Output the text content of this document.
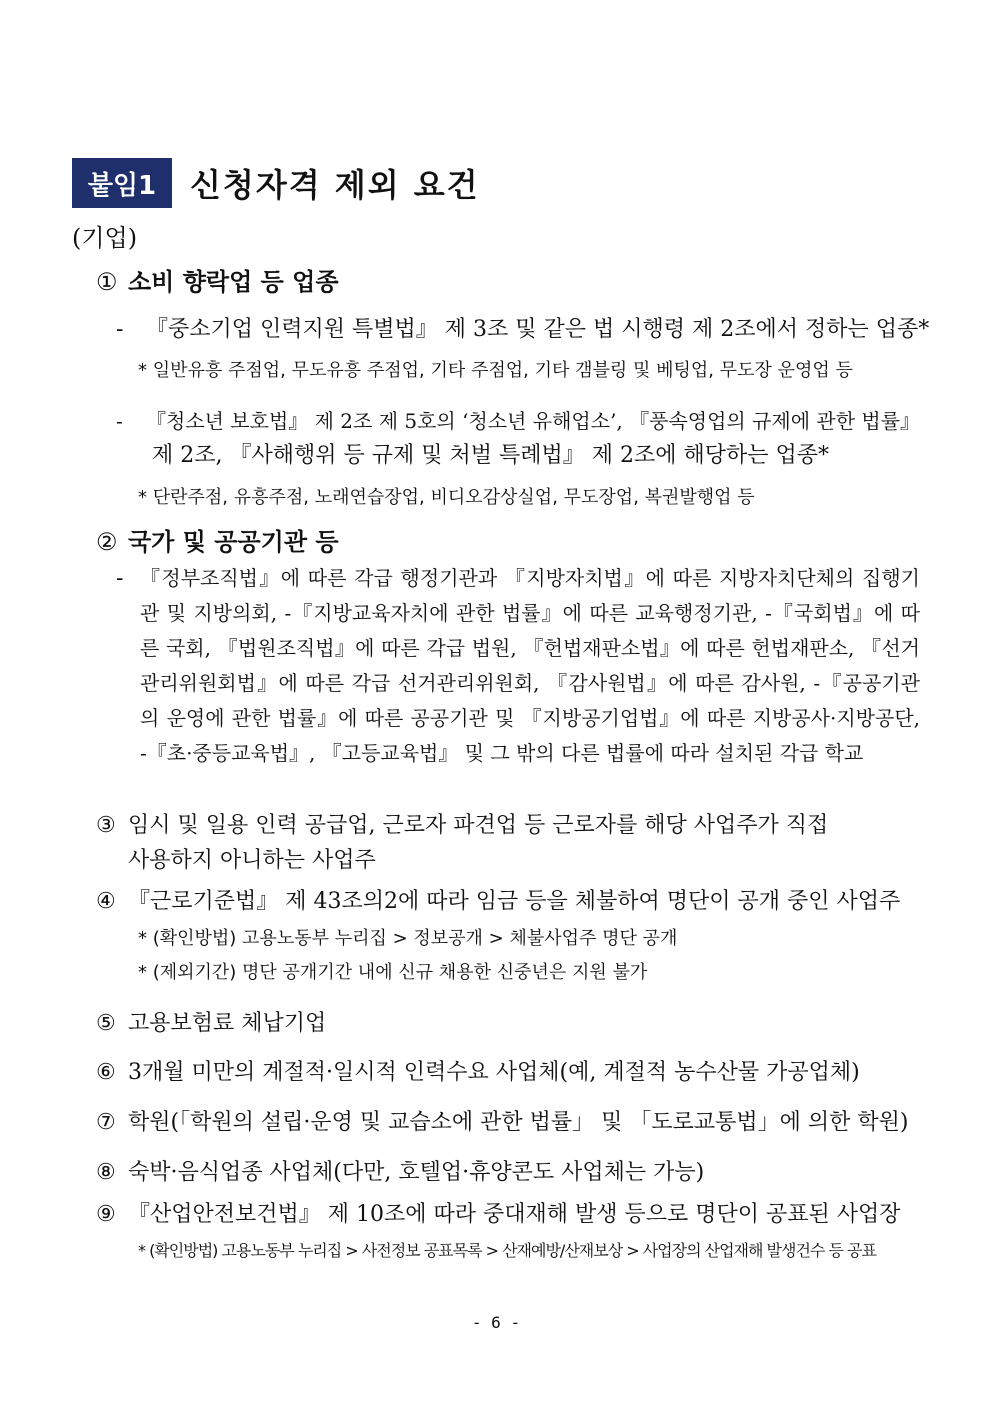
붙임1	신청자격 제외 요건
(기업)
① 소비 향락업 등 업종
- 『중소기업 인력지원 특별법』 제 3조 및 같은 법 시행령 제 2조에서 정하는 업종*
* 일반유흥 주점업, 무도유흥 주점업, 기타 주점업, 기타 갬블링 및 베팅업, 무도장 운영업 등
- 『청소년 보호법』 제 2조 제 5호의 ‘청소년 유해업소’, 『풍속영업의 규제에 관한 법률』
제 2조, 『사해행위 등 규제 및 처벌 특례법』 제 2조에 해당하는 업종*
* 단란주점, 유흥주점, 노래연습장업, 비디오감상실업, 무도장업, 복권발행업 등
② 국가 및 공공기관 등
- 『정부조직법』에 따른 각급 행정기관과 『지방자치법』에 따른 지방자치단체의 집행기관 및 지방의회, -『지방교육자치에 관한 법률』에 따른 교육행정기관, -『국회법』에 따른 국회, 『법원조직법』에 따른 각급 법원, 『헌법재판소법』에 따른 헌법재판소, 『선거관리위원회법』에 따른 각급 선거관리위원회, 『감사원법』에 따른 감사원, -『공공기관의 운영에 관한 법률』에 따른 공공기관 및 『지방공기업법』에 따른 지방공사·지방공단, -『초·중등교육법』, 『고등교육법』 및 그 밖의 다른 법률에 따라 설치된 각급 학교
③ 임시 및 일용 인력 공급업, 근로자 파견업 등 근로자를 해당 사업주가 직접
사용하지 아니하는 사업주
④ 『근로기준법』 제 43조의2에 따라 임금 등을 체불하여 명단이 공개 중인 사업주
* (확인방법) 고용노동부 누리집 > 정보공개 > 체불사업주 명단 공개
* (제외기간) 명단 공개기간 내에 신규 채용한 신중년은 지원 불가
⑤ 고용보험료 체납기업
⑥ 3개월 미만의 계절적·일시적 인력수요 사업체(예, 계절적 농수산물 가공업체)
⑦ 학원(「학원의 설립·운영 및 교습소에 관한 법률」 및 「도로교통법」에 의한 학원)
⑧ 숙박·음식업종 사업체(다만, 호텔업·휴양콘도 사업체는 가능)
⑨ 『산업안전보건법』 제 10조에 따라 중대재해 발생 등으로 명단이 공표된 사업장
* (확인방법) 고용노동부 누리집 > 사전정보 공표목록 > 산재예방/산재보상 > 사업장의 산업재해 발생건수 등 공표
- 6 -
